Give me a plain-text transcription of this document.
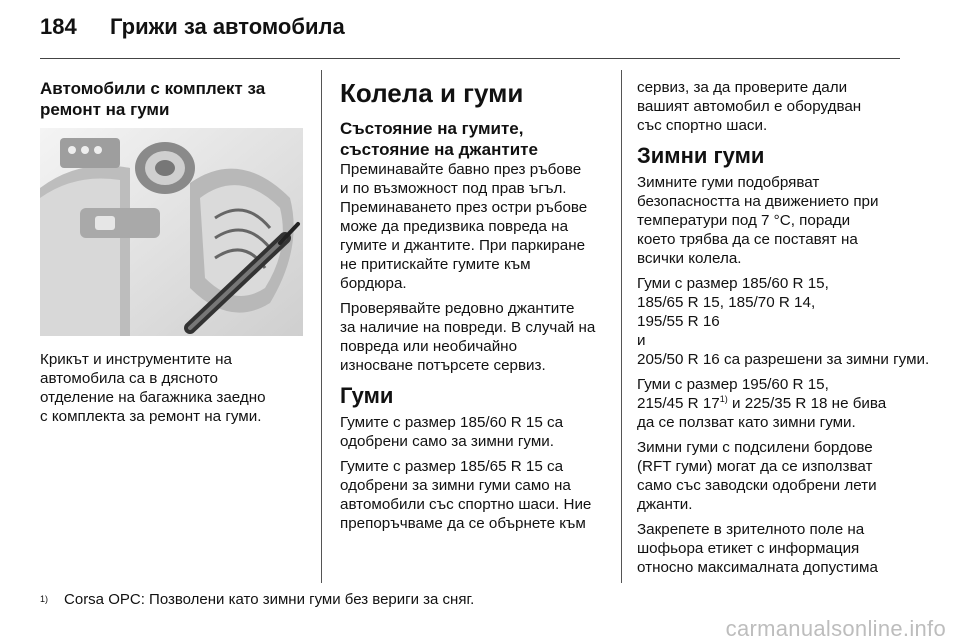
184 Грижи за автомобила
Автомобили с комплект за
ремонт на гуми
Крикът и инструментите на
автомобила са в дясното
отделение на багажника заедно
с комплекта за ремонт на гуми.
Колела и гуми
Състояние на гумите,
състояние на джантите

Преминавайте бавно през ръбове
и по възможност под прав ъгъл.
Преминаването през остри ръбове
може да предизвика повреда на
гумите и джантите. При паркиране
не притискайте гумите към
бордюра.

Проверявайте редовно джантите
за наличие на повреди. В случай на
повреда или необичайно
износване потърсете сервиз.

Гуми

Гумите с размер 185/60 R 15 са
одобрени само за зимни гуми.

Гумите с размер 185/65 R 15 са
одобрени за зимни гуми само на
автомобили със спортно шаси. Ние
препоръчваме да се обърнете към

сервиз, за да проверите дали
вашият автомобил е оборудван
със спортно шаси.

Зимни гуми

Зимните гуми подобряват
безопасността на движението при
температури под 7 °C, поради
което трябва да се поставят на
всички колела.

Гуми с размер 185/60 R 15,
185/65 R 15, 185/70 R 14,
195/55 R 16
и
205/50 R 16 са разрешени за зимни гуми.

Гуми с размер 195/60 R 15,
215/45 R 17$^{1)}$ и 225/35 R 18 не бива
да се ползват като зимни гуми.

Зимни гуми с подсилени бордове
(RFT гуми) могат да се използват
само със заводски одобрени лети
джанти.

Закрепете в зрителното поле на
шофьора етикет с информация
относно максималната допустима

$^{1)}$ Corsa OPC: Позволени като зимни гуми без вериги за сняг.
carmanualsonline.info
